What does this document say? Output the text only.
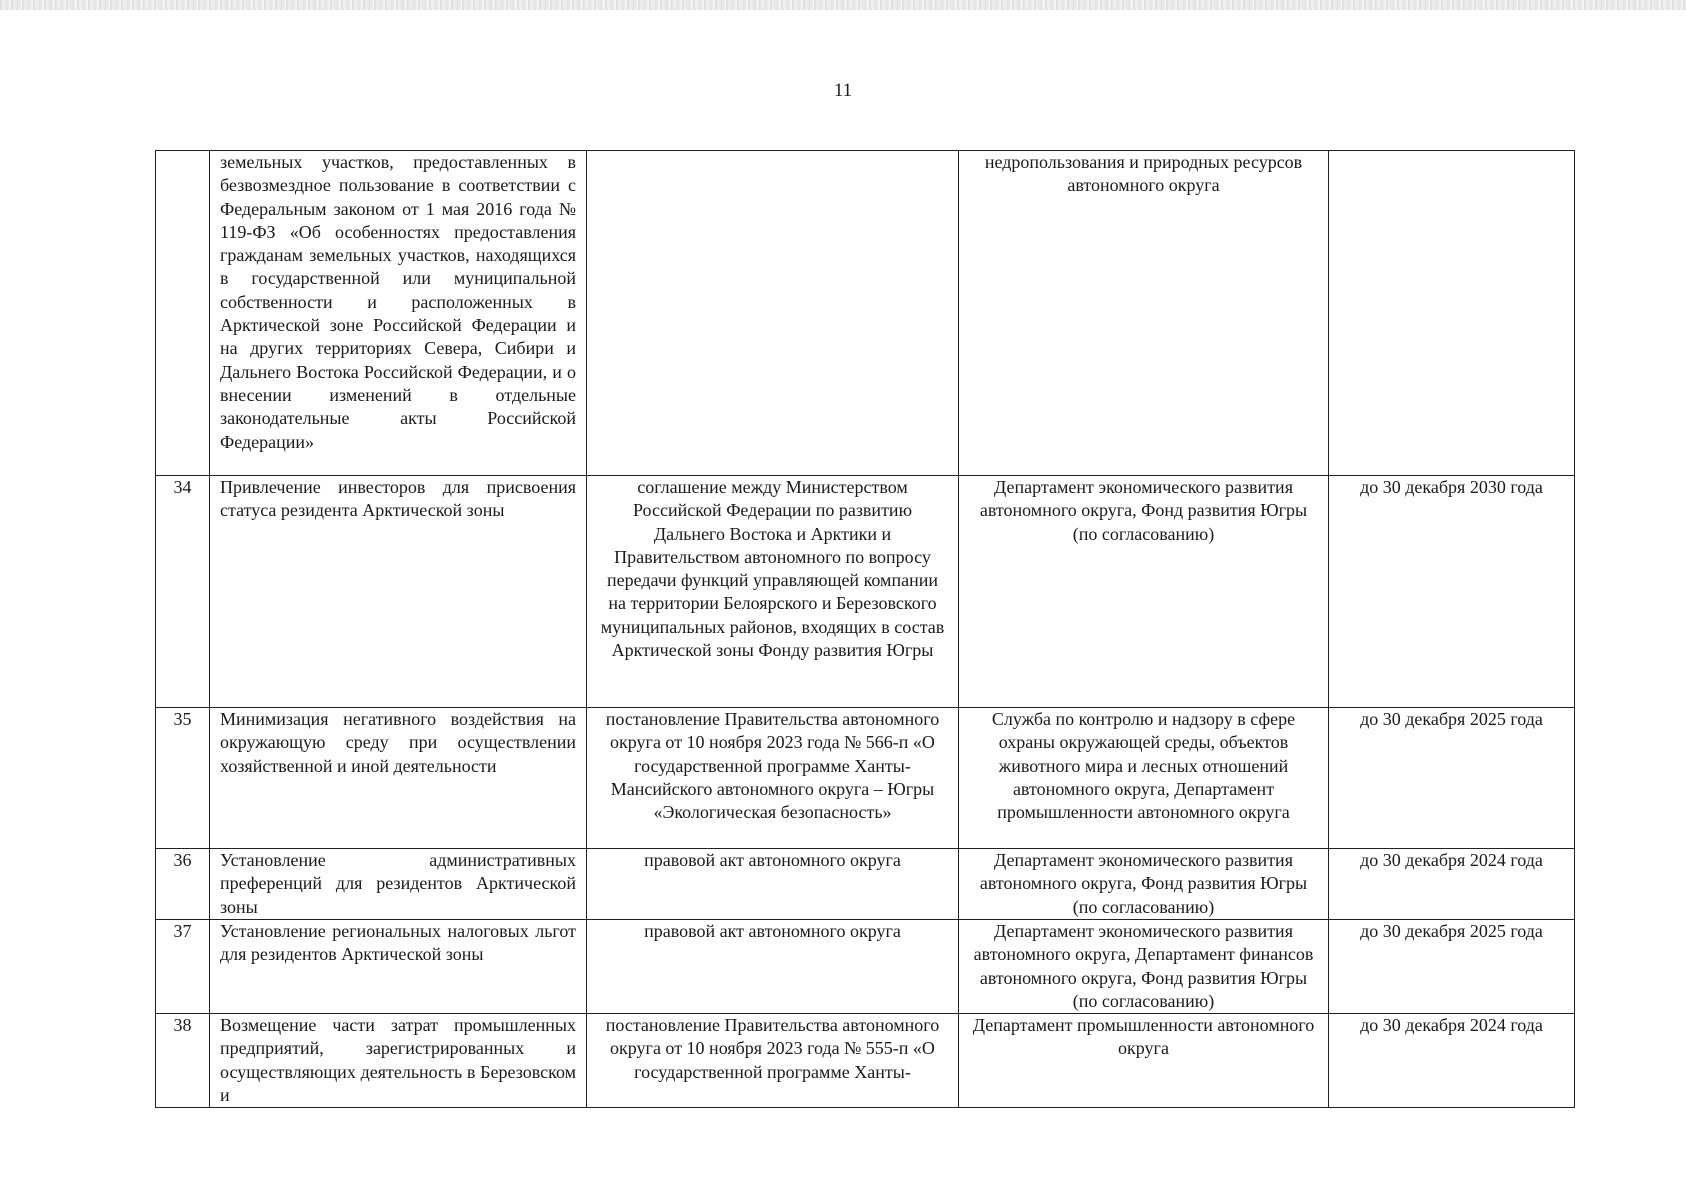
11
	земельных участков, предоставленных в безвозмездное пользование в соответствии с Федеральным законом от 1 мая 2016 года № 119-ФЗ «Об особенностях предоставления гражданам земельных участков, находящихся в государственной или муниципальной собственности и расположенных в Арктической зоне Российской Федерации и на других территориях Севера, Сибири и Дальнего Востока Российской Федерации, и о внесении изменений в отдельные законодательные акты Российской Федерации»		недропользования и природных ресурсов автономного округа	
34	Привлечение инвесторов для присвоения статуса резидента Арктической зоны	соглашение между Министерством Российской Федерации по развитию Дальнего Востока и Арктики и Правительством автономного по вопросу передачи функций управляющей компании на территории Белоярского и Березовского муниципальных районов, входящих в состав Арктической зоны Фонду развития Югры	Департамент экономического развития автономного округа, Фонд развития Югры (по согласованию)	до 30 декабря 2030 года
35	Минимизация негативного воздействия на окружающую среду при осуществлении хозяйственной и иной деятельности	постановление Правительства автономного округа от 10 ноября 2023 года № 566-п «О государственной программе Ханты-Мансийского автономного округа – Югры «Экологическая безопасность»	Служба по контролю и надзору в сфере охраны окружающей среды, объектов животного мира и лесных отношений автономного округа, Департамент промышленности автономного округа	до 30 декабря 2025 года
36	Установление административных преференций для резидентов Арктической зоны	правовой акт автономного округа	Департамент экономического развития автономного округа, Фонд развития Югры (по согласованию)	до 30 декабря 2024 года
37	Установление региональных налоговых льгот для резидентов Арктической зоны	правовой акт автономного округа	Департамент экономического развития автономного округа, Департамент финансов автономного округа, Фонд развития Югры (по согласованию)	до 30 декабря 2025 года
38	Возмещение части затрат промышленных предприятий, зарегистрированных и осуществляющих деятельность в Березовском и	постановление Правительства автономного округа от 10 ноября 2023 года № 555-п «О государственной программе Ханты-	Департамент промышленности автономного округа	до 30 декабря 2024 года
